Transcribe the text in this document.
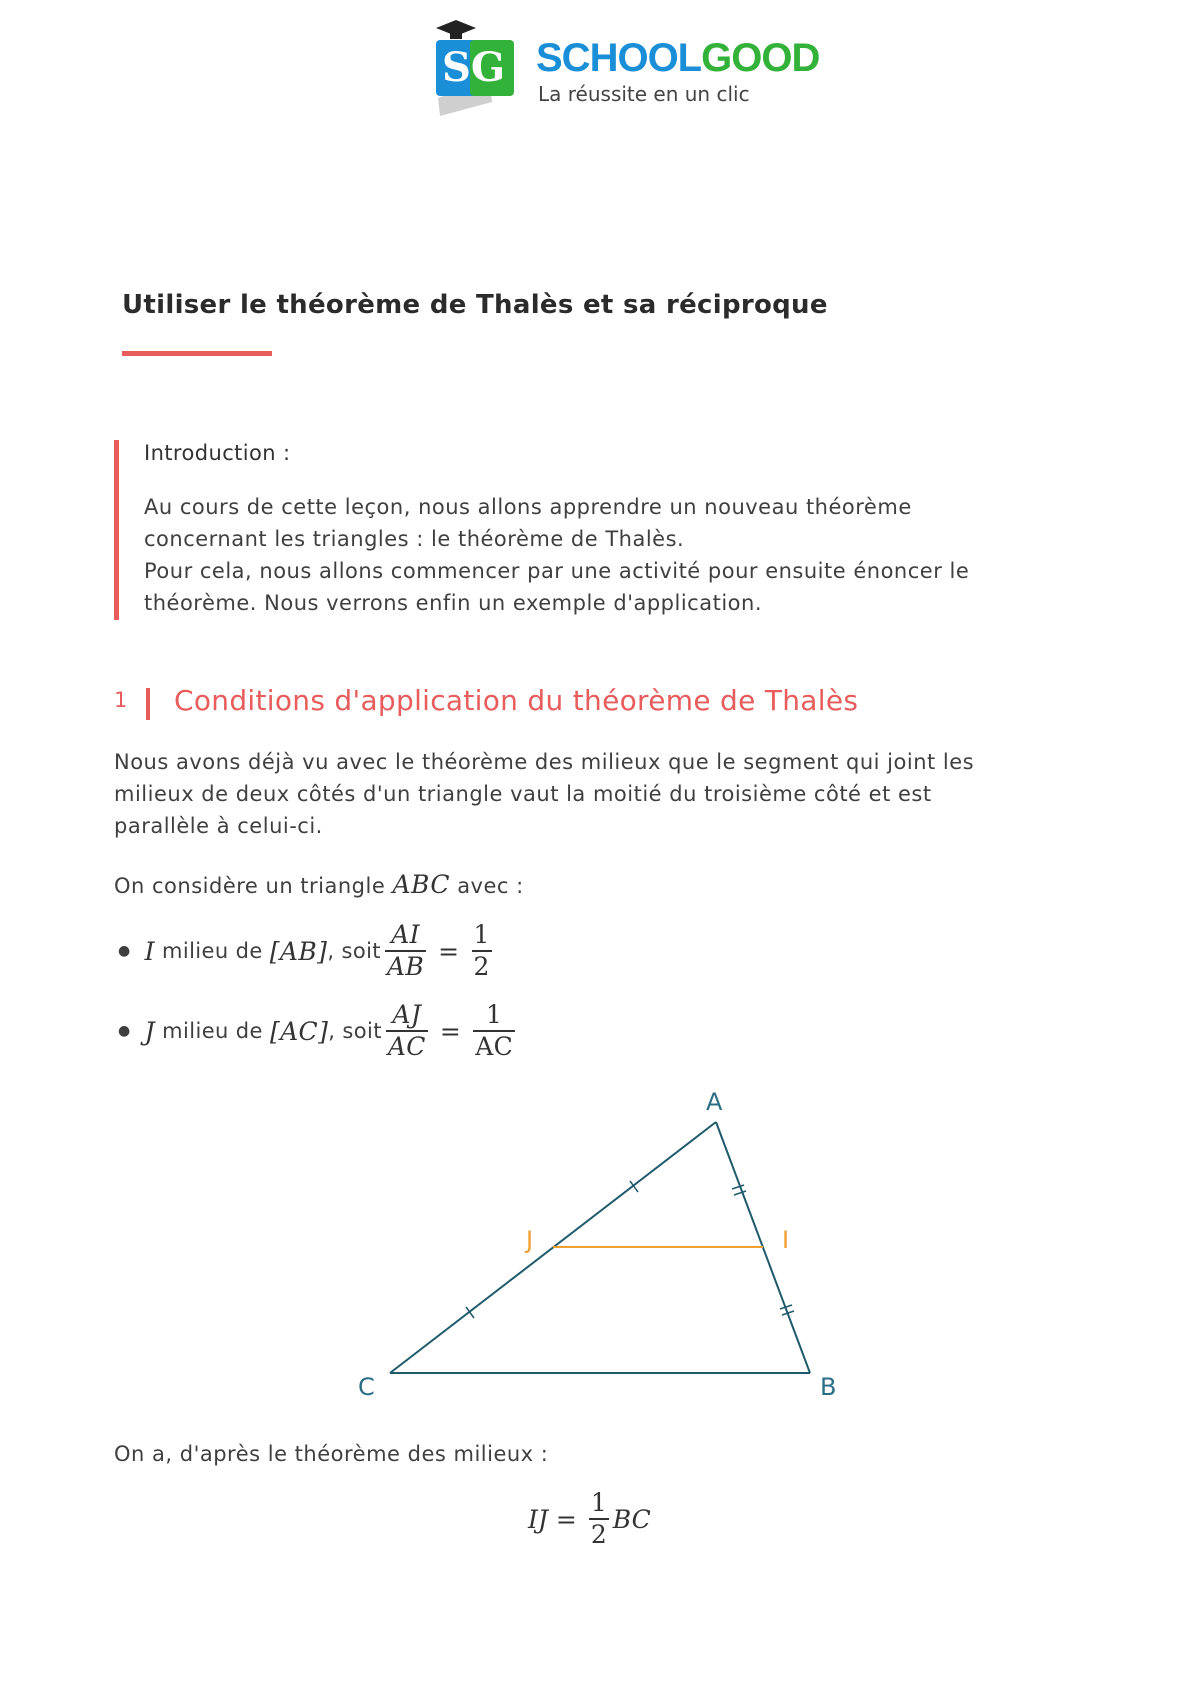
SG SCHOOLGOOD
La réussite en un clic
Utiliser le théorème de Thalès et sa réciproque
Introduction :
Au cours de cette leçon, nous allons apprendre un nouveau théorème
concernant les triangles : le théorème de Thalès.
Pour cela, nous allons commencer par une activité pour ensuite énoncer le
théorème. Nous verrons enfin un exemple d'application.
1 Conditions d'application du théorème de Thalès
Nous avons déjà vu avec le théorème des milieux que le segment qui joint les
milieux de deux côtés d'un triangle vaut la moitié du troisième côté et est
parallèle à celui-ci.
On considère un triangle ABC avec :
● I
milieu de
[AB] , soit $\frac{AI}{AB} = \frac{1}{2}$
● J
milieu de
[AC] , soit $\frac{AJ}{AC} = \frac{1}{AC}$
A
B
C
I
J
On a, d'après le théorème des milieux :
IJ = $\frac{1}{2}$ BC
